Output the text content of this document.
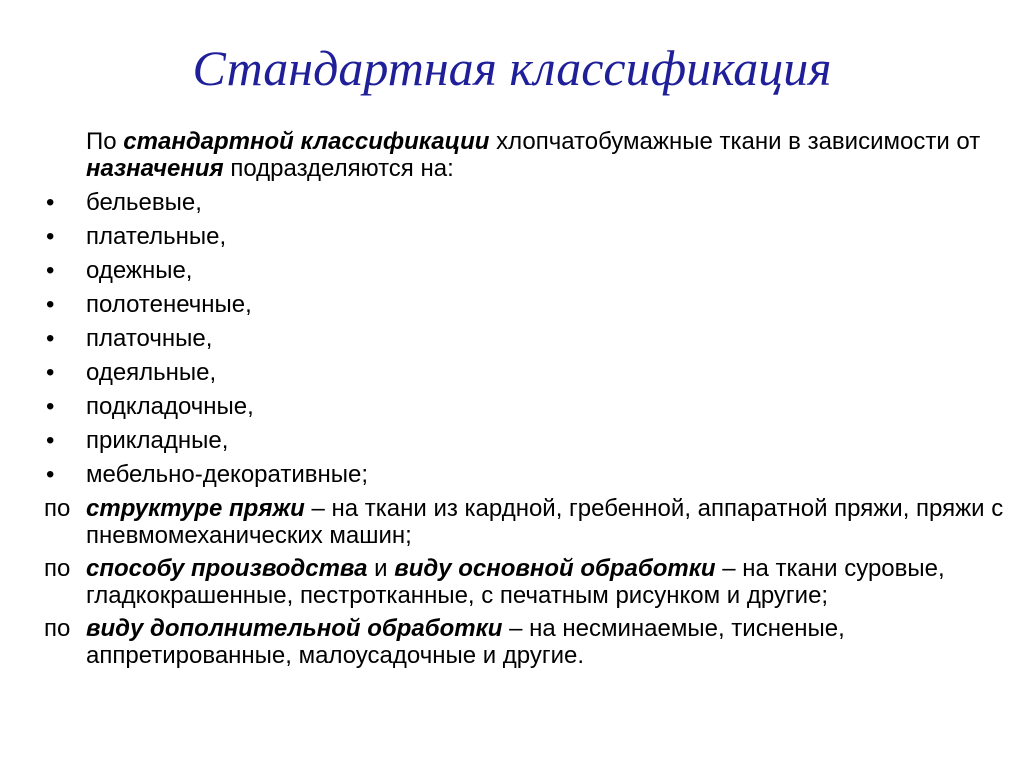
Стандартная классификация

По стандартной классификации хлопчатобумажные ткани в зависимости от назначения подразделяются на:

• бельевые,
• плательные,
• одежные,
• полотенечные,
• платочные,
• одеяльные,
• подкладочные,
• прикладные,
• мебельно-декоративные;

по структуре пряжи – на ткани из кардной, гребенной, аппаратной пряжи, пряжи с пневмомеханических машин;

по способу производства и виду основной обработки – на ткани суровые, гладкокрашенные, пестротканные, с печатным рисунком и другие;

по виду дополнительной обработки – на несминаемые, тисненые, аппретированные, малоусадочные и другие.
